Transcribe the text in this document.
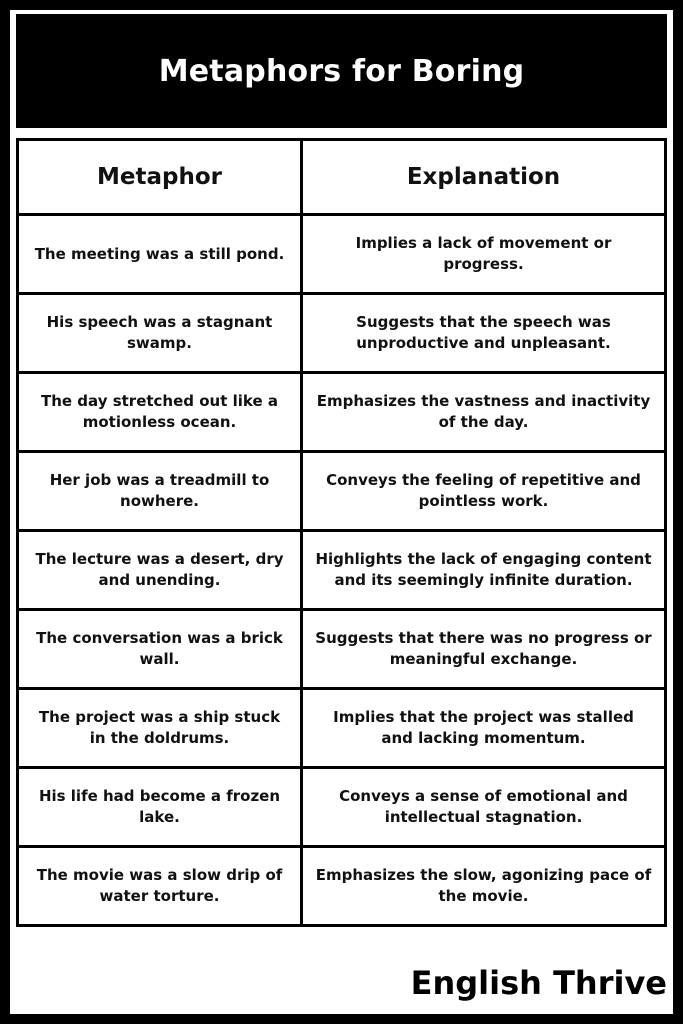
Metaphors for Boring
Metaphor	Explanation
The meeting was a still pond.	Implies a lack of movement or progress.
His speech was a stagnant swamp.	Suggests that the speech was unproductive and unpleasant.
The day stretched out like a motionless ocean.	Emphasizes the vastness and inactivity of the day.
Her job was a treadmill to nowhere.	Conveys the feeling of repetitive and pointless work.
The lecture was a desert, dry and unending.	Highlights the lack of engaging content and its seemingly infinite duration.
The conversation was a brick wall.	Suggests that there was no progress or meaningful exchange.
The project was a ship stuck in the doldrums.	Implies that the project was stalled and lacking momentum.
His life had become a frozen lake.	Conveys a sense of emotional and intellectual stagnation.
The movie was a slow drip of water torture.	Emphasizes the slow, agonizing pace of the movie.

English Thrive
